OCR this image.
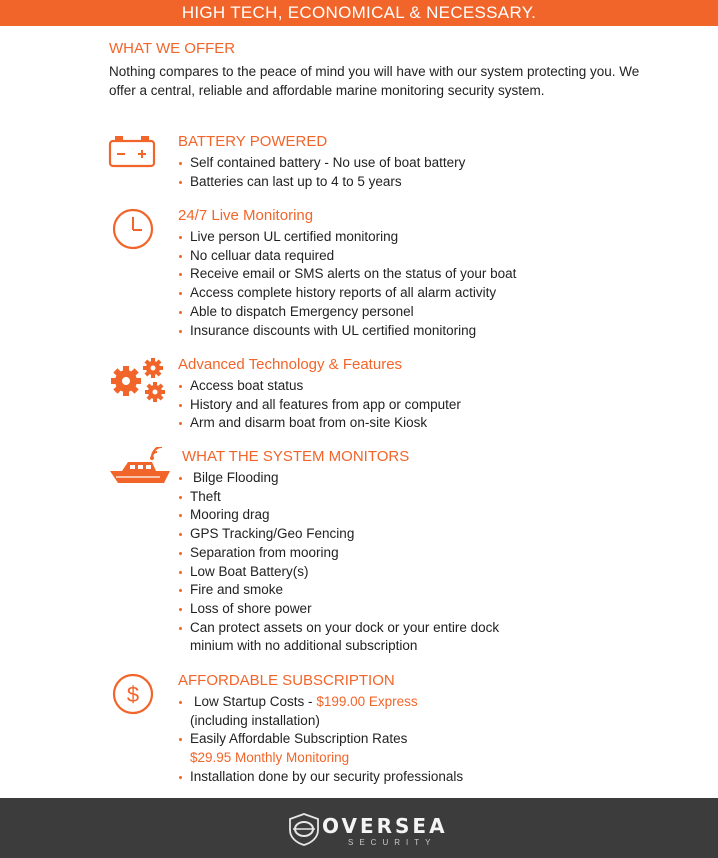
HIGH TECH, ECONOMICAL & NECESSARY.
WHAT WE OFFER

Nothing compares to the peace of mind you will have with our system protecting you. We offer a central, reliable and affordable marine monitoring security system.

BATTERY POWERED
Self contained battery - No use of boat battery
Batteries can last up to 4 to 5 years
24/7 Live Monitoring
Live person UL certified monitoring
No celluar data required
Receive email or SMS alerts on the status of your boat
Access complete history reports of all alarm activity
Able to dispatch Emergency personel
Insurance discounts with UL certified monitoring
Advanced Technology & Features
Access boat status
History and all features from app or computer
Arm and disarm boat from on-site Kiosk
WHAT THE SYSTEM MONITORS
Bilge Flooding
Theft
Mooring drag
GPS Tracking/Geo Fencing
Separation from mooring
Low Boat Battery(s)
Fire and smoke
Loss of shore power
Can protect assets on your dock or your entire dock
minium with no additional subscription
$
AFFORDABLE SUBSCRIPTION
Low Startup Costs - $199.00 Express
(including installation)
Easily Affordable Subscription Rates
$29.95 Monthly Monitoring
Installation done by our security professionals
OVERSEA
SECURITY
